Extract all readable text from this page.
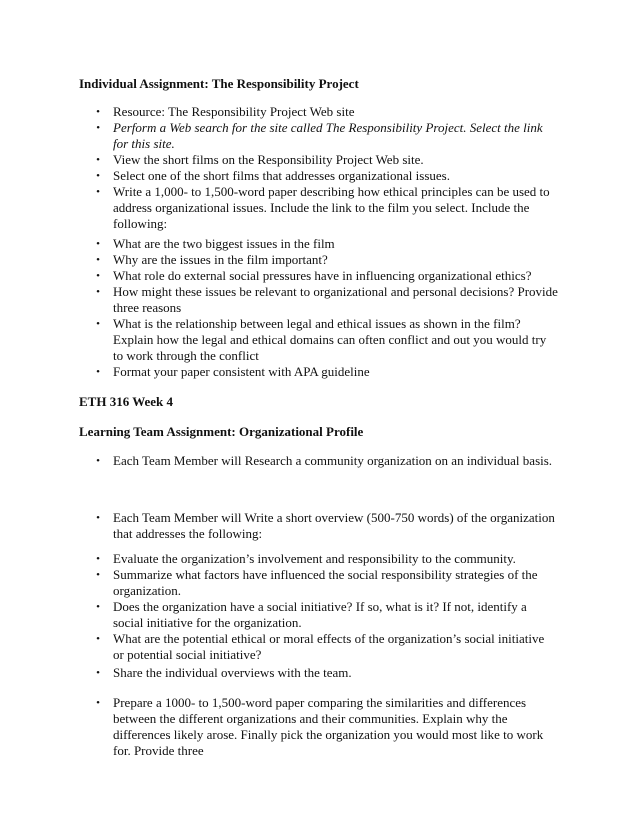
Individual Assignment: The Responsibility Project
• Resource: The Responsibility Project Web site
• Perform a Web search for the site called The Responsibility Project. Select the link for this site.
• View the short films on the Responsibility Project Web site.
• Select one of the short films that addresses organizational issues.
• Write a 1,000- to 1,500-word paper describing how ethical principles can be used to address organizational issues. Include the link to the film you select. Include the following:
• What are the two biggest issues in the film
• Why are the issues in the film important?
• What role do external social pressures have in influencing organizational ethics?
• How might these issues be relevant to organizational and personal decisions? Provide three reasons
• What is the relationship between legal and ethical issues as shown in the film? Explain how the legal and ethical domains can often conflict and out you would try to work through the conflict
• Format your paper consistent with APA guideline
ETH 316 Week 4
Learning Team Assignment: Organizational Profile
• Each Team Member will Research a community organization on an individual basis.
• Each Team Member will Write a short overview (500-750 words) of the organization that addresses the following:
• Evaluate the organization’s involvement and responsibility to the community.
• Summarize what factors have influenced the social responsibility strategies of the organization.
• Does the organization have a social initiative? If so, what is it? If not, identify a social initiative for the organization.
• What are the potential ethical or moral effects of the organization’s social initiative or potential social initiative?
• Share the individual overviews with the team.
• Prepare a 1000- to 1,500-word paper comparing the similarities and differences between the different organizations and their communities. Explain why the differences likely arose. Finally pick the organization you would most like to work for. Provide three
